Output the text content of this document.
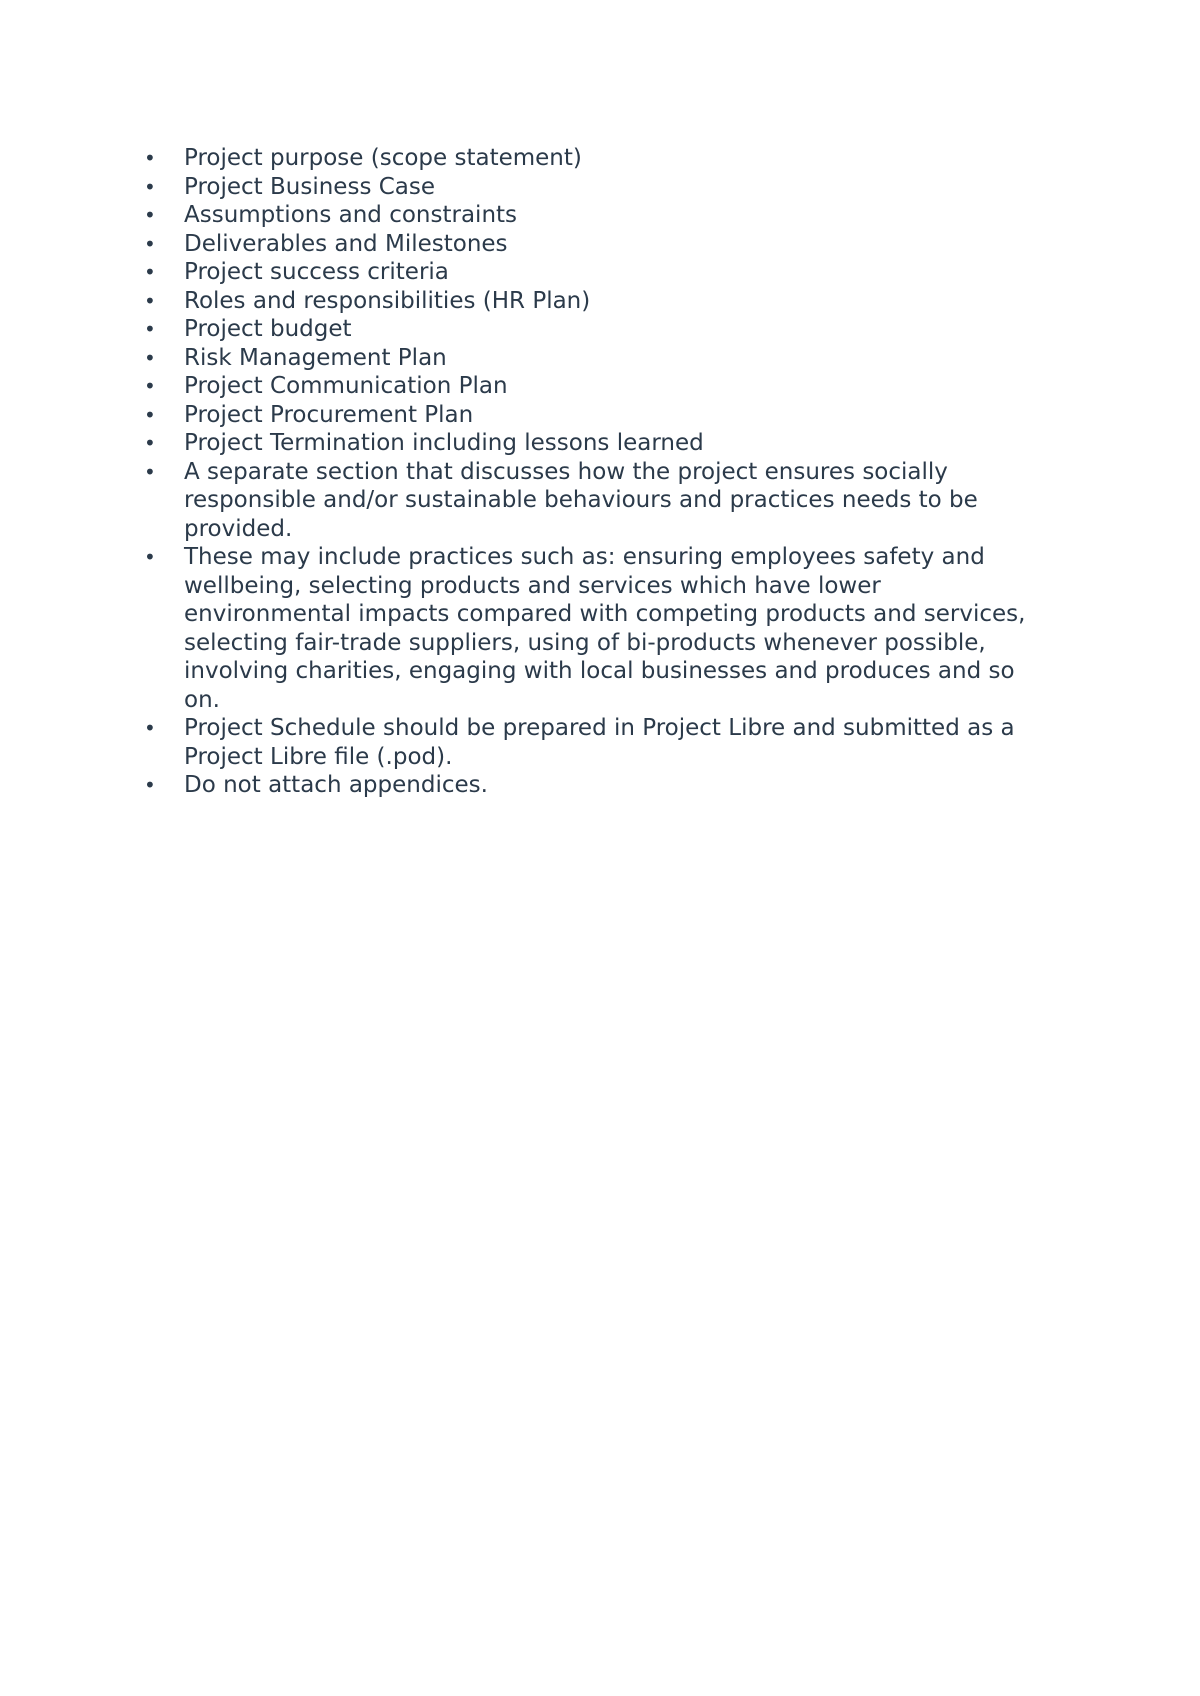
•	Project purpose (scope statement)
•	Project Business Case
•	Assumptions and constraints
•	Deliverables and Milestones
•	Project success criteria
•	Roles and responsibilities (HR Plan)
•	Project budget
•	Risk Management Plan
•	Project Communication Plan
•	Project Procurement Plan
•	Project Termination including lessons learned
•	A separate section that discusses how the project ensures socially responsible and/or sustainable behaviours and practices needs to be provided.
•	These may include practices such as: ensuring employees safety and wellbeing, selecting products and services which have lower environmental impacts compared with competing products and services, selecting fair-trade suppliers, using of bi-products whenever possible, involving charities, engaging with local businesses and produces and so on.
•	Project Schedule should be prepared in Project Libre and submitted as a Project Libre file (.pod).
•	Do not attach appendices.
